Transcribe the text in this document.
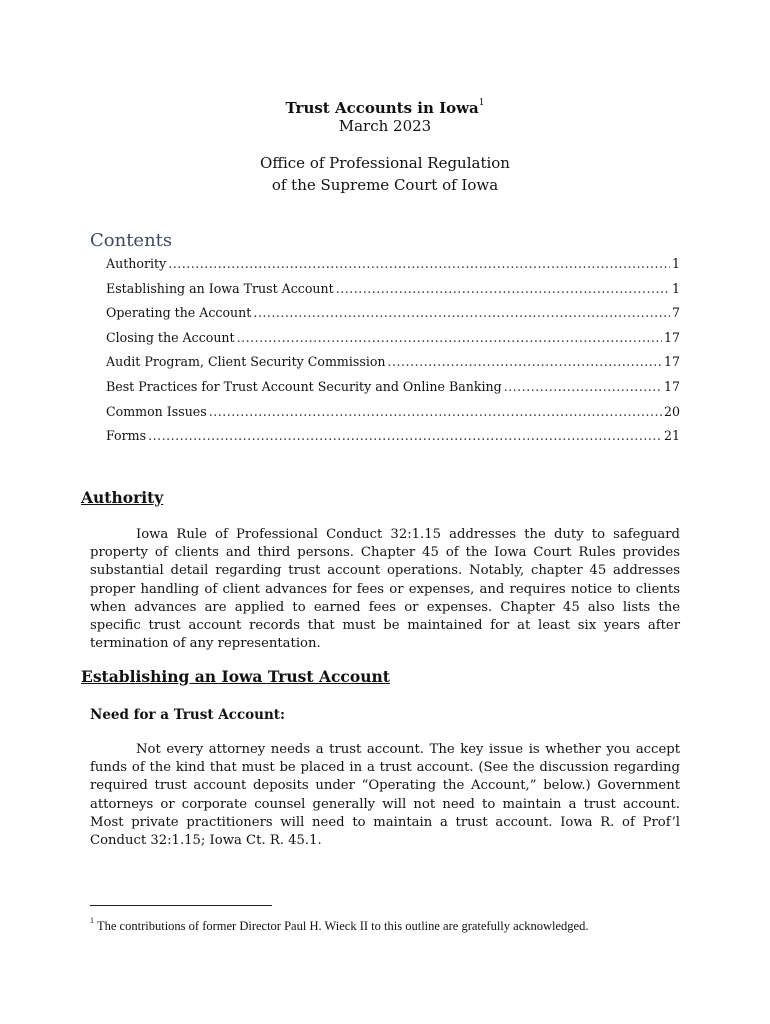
Trust Accounts in Iowa$^1$
March 2023
Office of Professional Regulation
of the Supreme Court of Iowa
Contents
Authority .....	1
Establishing an Iowa Trust Account .....	1
Operating the Account .....	7
Closing the Account .....	17
Audit Program, Client Security Commission .....	17
Best Practices for Trust Account Security and Online Banking .....	17
Common Issues .....	20
Forms .....	21
Authority

Iowa Rule of Professional Conduct 32:1.15 addresses the duty to safeguard property of clients and third persons. Chapter 45 of the Iowa Court Rules provides substantial detail regarding trust account operations. Notably, chapter 45 addresses proper handling of client advances for fees or expenses, and requires notice to clients when advances are applied to earned fees or expenses. Chapter 45 also lists the specific trust account records that must be maintained for at least six years after termination of any representation.

Establishing an Iowa Trust Account
Need for a Trust Account:

Not every attorney needs a trust account. The key issue is whether you accept funds of the kind that must be placed in a trust account. (See the discussion regarding required trust account deposits under “Operating the Account,” below.) Government attorneys or corporate counsel generally will not need to maintain a trust account. Most private practitioners will need to maintain a trust account. Iowa R. of Prof’l Conduct 32:1.15; Iowa Ct. R. 45.1.

$^1$ The contributions of former Director Paul H. Wieck II to this outline are gratefully acknowledged.
